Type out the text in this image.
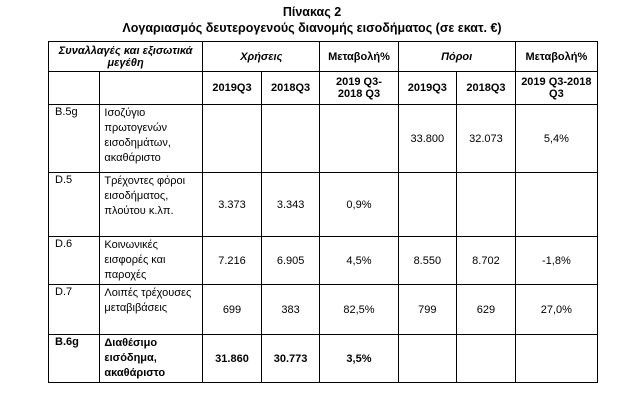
Πίνακας 2
Λογαριασμός δευτερογενούς διανομής εισοδήματος (σε εκατ. €)
Συναλλαγές και εξισωτικά μεγέθη		Χρήσεις		Μεταβολή%	Πόροι		Μεταβολή%
		2019Q3	2018Q3	2019 Q3-2018 Q3	2019Q3	2018Q3	2019 Q3-2018 Q3
B.5g	Ισοζύγιο πρωτογενών εισοδημάτων, ακαθάριστο				33.800	32.073	5,4%
D.5	Τρέχοντες φόροι εισοδήματος, πλούτου κ.λπ.	3.373	3.343	0,9%			
D.6	Κοινωνικές εισφορές και παροχές	7.216	6.905	4,5%	8.550	8.702	-1,8%
D.7	Λοιπές τρέχουσες μεταβιβάσεις	699	383	82,5%	799	629	27,0%
B.6g	Διαθέσιμο εισόδημα, ακαθάριστο	31.860	30.773	3,5%			
